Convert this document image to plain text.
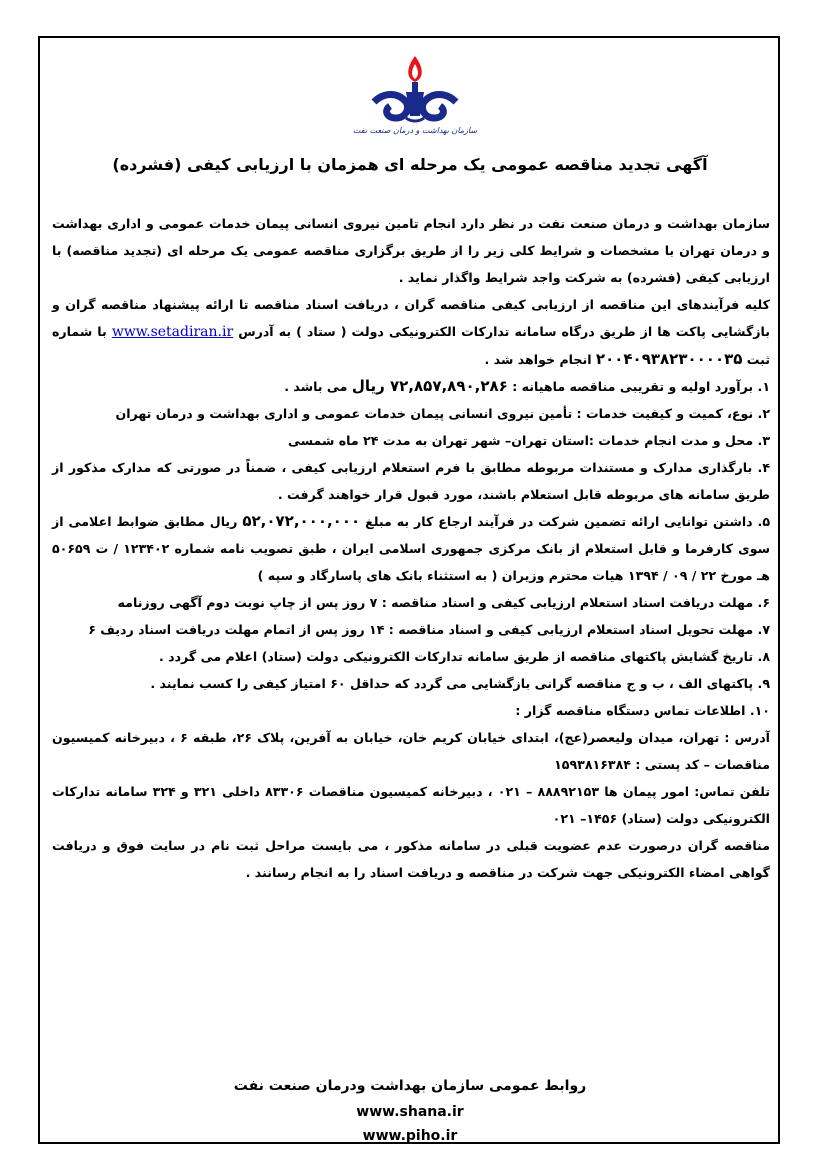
سازمان بهداشت و درمان صنعت نفت
آگهی تجدید مناقصه عمومی یک مرحله ای همزمان با ارزیابی کیفی (فشرده)

سازمان بهداشت و درمان صنعت نفت در نظر دارد انجام تامین نیروی انسانی پیمان خدمات عمومی و اداری بهداشت و درمان تهران با مشخصات و شرایط کلی زیر را از طریق برگزاری مناقصه عمومی یک مرحله ای (تجدید مناقصه) با ارزیابی کیفی (فشرده) به شرکت واجد شرایط واگذار نماید .

کلیه فرآیندهای این مناقصه از ارزیابی کیفی مناقصه گران ، دریافت اسناد مناقصه تا ارائه پیشنهاد مناقصه گران و بازگشایی پاکت ها از طریق درگاه سامانه تدارکات الکترونیکی دولت ( ستاد ) به آدرس www.setadiran.ir با شماره ثبت ۲۰۰۴۰۹۳۸۲۳۰۰۰۰۳۵ انجام خواهد شد .

۱. برآورد اولیه و تقریبی مناقصه ماهیانه : ۷۲,۸۵۷,۸۹۰,۲۸۶ ریال می باشد .

۲. نوع، کمیت و کیفیت خدمات : تأمین نیروی انسانی پیمان خدمات عمومی و اداری بهداشت و درمان تهران

۳. محل و مدت انجام خدمات :استان تهران– شهر تهران به مدت ۲۴ ماه شمسی

۴. بارگذاری مدارک و مستندات مربوطه مطابق با فرم استعلام ارزیابی کیفی ، ضمناً در صورتی که مدارک مذکور از طریق سامانه های مربوطه قابل استعلام باشند، مورد قبول قرار خواهند گرفت .

۵. داشتن توانایی ارائه تضمین شرکت در فرآیند ارجاع کار به مبلغ ۵۲,۰۷۲,۰۰۰,۰۰۰ ریال مطابق ضوابط اعلامی از سوی کارفرما و قابل استعلام از بانک مرکزی جمهوری اسلامی ایران ، طبق تصویب نامه شماره ۱۲۳۴۰۲ / ت ۵۰۶۵۹ هـ مورخ ۲۲ / ۰۹ / ۱۳۹۴ هیات محترم وزیران ( به استثناء بانک های پاسارگاد و سپه )

۶. مهلت دریافت اسناد استعلام ارزیابی کیفی و اسناد مناقصه : ۷ روز پس از چاپ نوبت دوم آگهی روزنامه

۷. مهلت تحویل اسناد استعلام ارزیابی کیفی و اسناد مناقصه : ۱۴ روز پس از اتمام مهلت دریافت اسناد ردیف ۶

۸. تاریخ گشایش پاکتهای مناقصه از طریق سامانه تدارکات الکترونیکی دولت (ستاد) اعلام می گردد .

۹. پاکتهای الف ، ب و ج مناقصه گرانی بازگشایی می گردد که حداقل ۶۰ امتیاز کیفی را کسب نمایند .

۱۰. اطلاعات تماس دستگاه مناقصه گزار :

آدرس : تهران، میدان ولیعصر(عج)، ابتدای خیابان کریم خان، خیابان به آفرین، پلاک ۲۶، طبقه ۶ ، دبیرخانه کمیسیون مناقصات – کد پستی : ۱۵۹۳۸۱۶۳۸۴

تلفن تماس: امور پیمان ها ۸۸۸۹۲۱۵۳ – ۰۲۱ ، دبیرخانه کمیسیون مناقصات ۸۳۳۰۶ داخلی ۳۲۱ و ۳۲۴ سامانه تدارکات الکترونیکی دولت (ستاد) ۱۴۵۶– ۰۲۱

مناقصه گران درصورت عدم عضویت قبلی در سامانه مذکور ، می بایست مراحل ثبت نام در سایت فوق و دریافت گواهی امضاء الکترونیکی جهت شرکت در مناقصه و دریافت اسناد را به انجام رسانند .

روابط عمومی سازمان بهداشت ودرمان صنعت نفت
www.shana.ir
www.piho.ir
